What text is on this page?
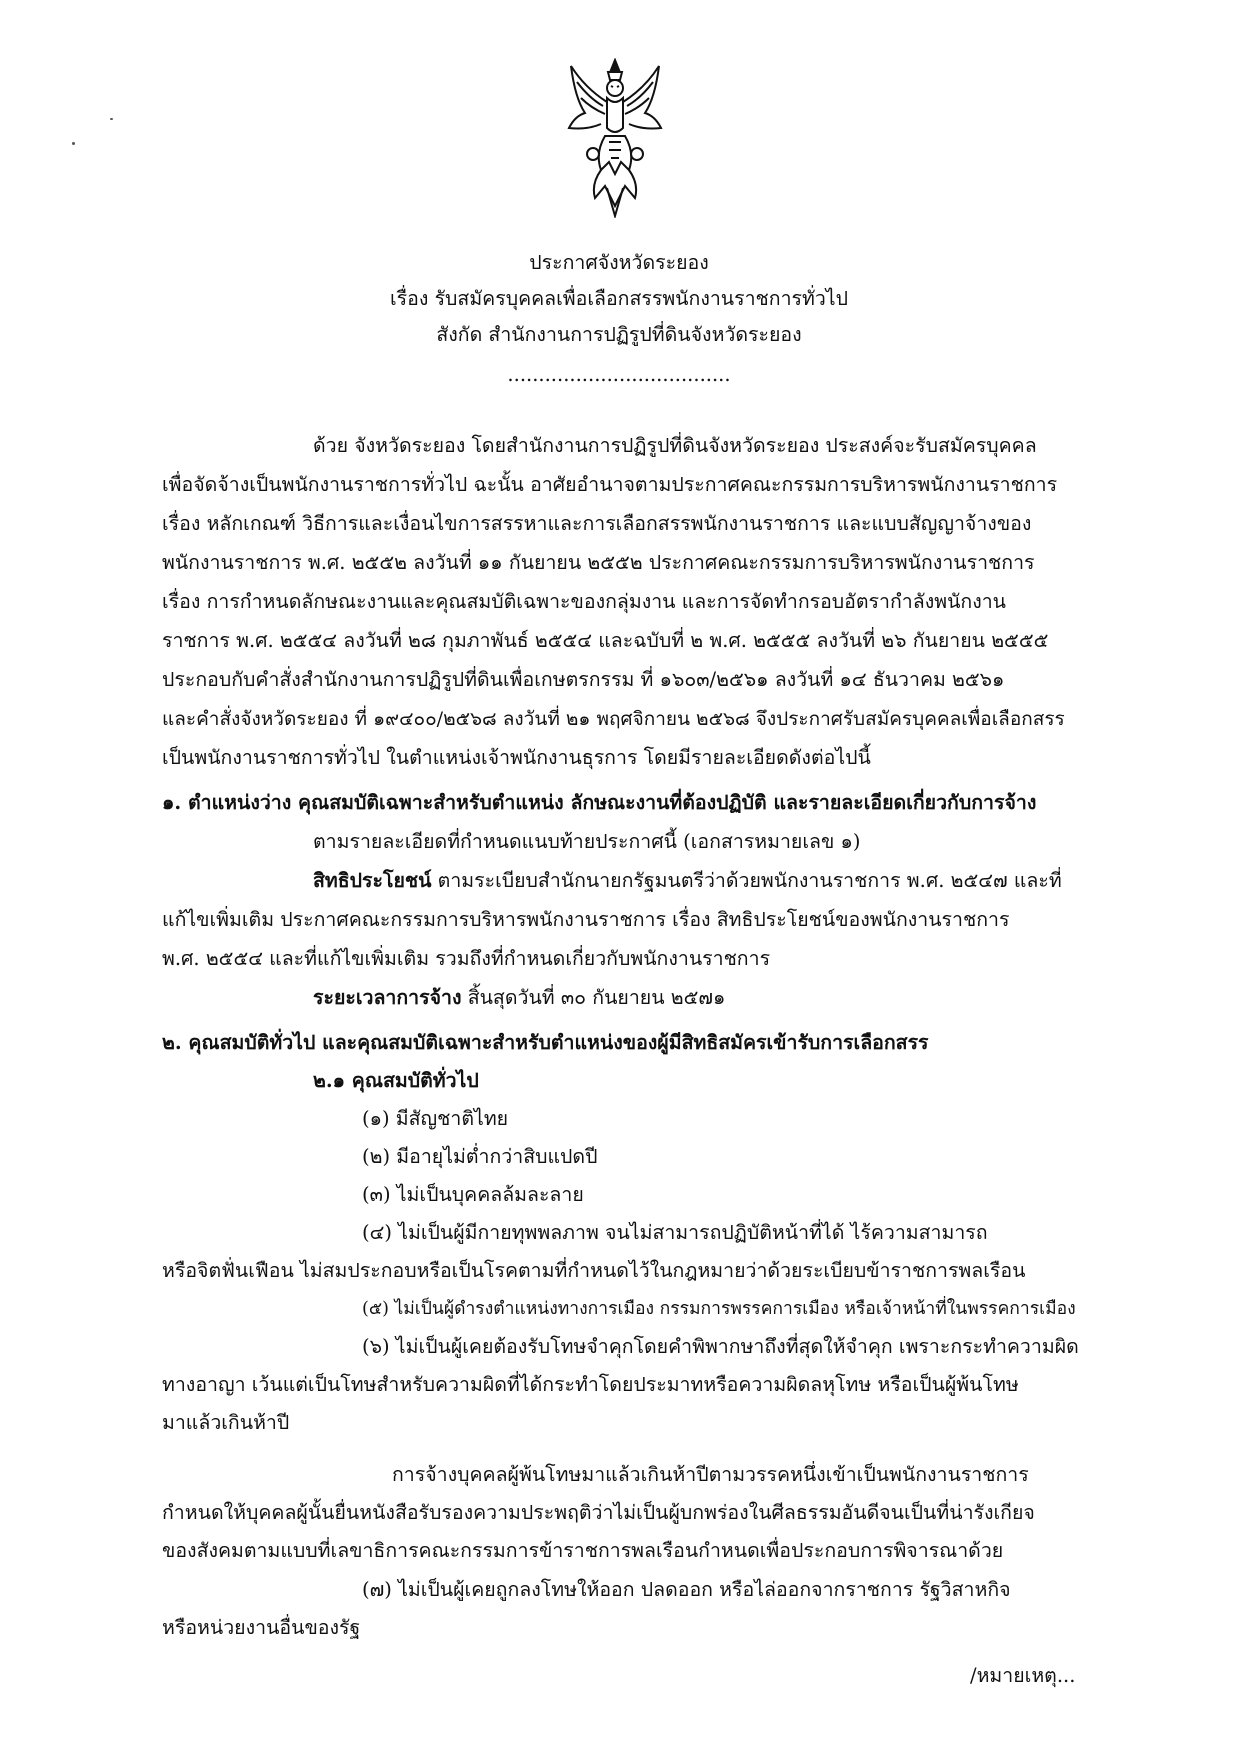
ประกาศจังหวัดระยอง
เรื่อง รับสมัครบุคคลเพื่อเลือกสรรพนักงานราชการทั่วไป
สังกัด สำนักงานการปฏิรูปที่ดินจังหวัดระยอง
....................................
ด้วย จังหวัดระยอง โดยสำนักงานการปฏิรูปที่ดินจังหวัดระยอง ประสงค์จะรับสมัครบุคคล
เพื่อจัดจ้างเป็นพนักงานราชการทั่วไป ฉะนั้น อาศัยอำนาจตามประกาศคณะกรรมการบริหารพนักงานราชการ
เรื่อง หลักเกณฑ์ วิธีการและเงื่อนไขการสรรหาและการเลือกสรรพนักงานราชการ และแบบสัญญาจ้างของ
พนักงานราชการ พ.ศ. ๒๕๕๒ ลงวันที่ ๑๑ กันยายน ๒๕๕๒ ประกาศคณะกรรมการบริหารพนักงานราชการ
เรื่อง การกำหนดลักษณะงานและคุณสมบัติเฉพาะของกลุ่มงาน และการจัดทำกรอบอัตรากำลังพนักงาน
ราชการ พ.ศ. ๒๕๕๔ ลงวันที่ ๒๘ กุมภาพันธ์ ๒๕๕๔ และฉบับที่ ๒ พ.ศ. ๒๕๕๕ ลงวันที่ ๒๖ กันยายน ๒๕๕๕
ประกอบกับคำสั่งสำนักงานการปฏิรูปที่ดินเพื่อเกษตรกรรม ที่ ๑๖๐๓/๒๕๖๑ ลงวันที่ ๑๔ ธันวาคม ๒๕๖๑
และคำสั่งจังหวัดระยอง ที่ ๑๙๔๐๐/๒๕๖๘ ลงวันที่ ๒๑ พฤศจิกายน ๒๕๖๘ จึงประกาศรับสมัครบุคคลเพื่อเลือกสรร
เป็นพนักงานราชการทั่วไป ในตำแหน่งเจ้าพนักงานธุรการ โดยมีรายละเอียดดังต่อไปนี้
๑. ตำแหน่งว่าง คุณสมบัติเฉพาะสำหรับตำแหน่ง ลักษณะงานที่ต้องปฏิบัติ และรายละเอียดเกี่ยวกับการจ้าง
ตามรายละเอียดที่กำหนดแนบท้ายประกาศนี้ (เอกสารหมายเลข ๑)
สิทธิประโยชน์ ตามระเบียบสำนักนายกรัฐมนตรีว่าด้วยพนักงานราชการ พ.ศ. ๒๕๔๗ และที่
แก้ไขเพิ่มเติม ประกาศคณะกรรมการบริหารพนักงานราชการ เรื่อง สิทธิประโยชน์ของพนักงานราชการ
พ.ศ. ๒๕๕๔ และที่แก้ไขเพิ่มเติม รวมถึงที่กำหนดเกี่ยวกับพนักงานราชการ
ระยะเวลาการจ้าง สิ้นสุดวันที่ ๓๐ กันยายน ๒๕๗๑
๒. คุณสมบัติทั่วไป และคุณสมบัติเฉพาะสำหรับตำแหน่งของผู้มีสิทธิสมัครเข้ารับการเลือกสรร
๒.๑ คุณสมบัติทั่วไป
(๑) มีสัญชาติไทย
(๒) มีอายุไม่ต่ำกว่าสิบแปดปี
(๓) ไม่เป็นบุคคลล้มละลาย
(๔) ไม่เป็นผู้มีกายทุพพลภาพ จนไม่สามารถปฏิบัติหน้าที่ได้ ไร้ความสามารถ
หรือจิตฟั่นเฟือน ไม่สมประกอบหรือเป็นโรคตามที่กำหนดไว้ในกฎหมายว่าด้วยระเบียบข้าราชการพลเรือน
(๕) ไม่เป็นผู้ดำรงตำแหน่งทางการเมือง กรรมการพรรคการเมือง หรือเจ้าหน้าที่ในพรรคการเมือง
(๖) ไม่เป็นผู้เคยต้องรับโทษจำคุกโดยคำพิพากษาถึงที่สุดให้จำคุก เพราะกระทำความผิด
ทางอาญา เว้นแต่เป็นโทษสำหรับความผิดที่ได้กระทำโดยประมาทหรือความผิดลหุโทษ หรือเป็นผู้พ้นโทษ
มาแล้วเกินห้าปี
การจ้างบุคคลผู้พ้นโทษมาแล้วเกินห้าปีตามวรรคหนึ่งเข้าเป็นพนักงานราชการ
กำหนดให้บุคคลผู้นั้นยื่นหนังสือรับรองความประพฤติว่าไม่เป็นผู้บกพร่องในศีลธรรมอันดีจนเป็นที่น่ารังเกียจ
ของสังคมตามแบบที่เลขาธิการคณะกรรมการข้าราชการพลเรือนกำหนดเพื่อประกอบการพิจารณาด้วย
(๗) ไม่เป็นผู้เคยถูกลงโทษให้ออก ปลดออก หรือไล่ออกจากราชการ รัฐวิสาหกิจ
หรือหน่วยงานอื่นของรัฐ
/หมายเหตุ...
